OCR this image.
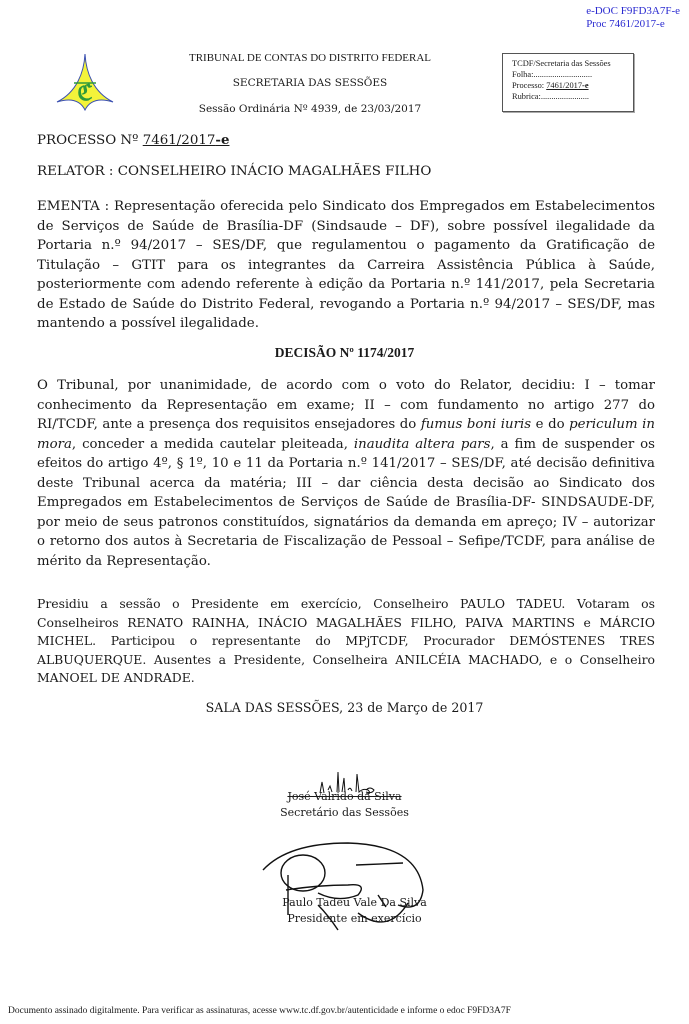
e-DOC F9FD3A7F-e
Proc 7461/2017-e
ℭ
TRIBUNAL DE CONTAS DO DISTRITO FEDERAL
SECRETARIA DAS SESSÕES
Sessão Ordinária Nº 4939, de 23/03/2017
TCDF/Secretaria das Sessões
Folha:............................
Processo: 7461/2017-e
Rubrica:.......................
PROCESSO Nº 7461/2017-e
RELATOR : CONSELHEIRO INÁCIO MAGALHÃES FILHO
EMENTA : Representação oferecida pelo Sindicato dos Empregados em Estabelecimentos de Serviços de Saúde de Brasília-DF (Sindsaude – DF), sobre possível ilegalidade da Portaria n.º 94/2017 – SES/DF, que regulamentou o pagamento da Gratificação de Titulação – GTIT para os integrantes da Carreira Assistência Pública à Saúde, posteriormente com adendo referente à edição da Portaria n.º 141/2017, pela Secretaria de Estado de Saúde do Distrito Federal, revogando a Portaria n.º 94/2017 – SES/DF, mas mantendo a possível ilegalidade.
DECISÃO Nº 1174/2017
O Tribunal, por unanimidade, de acordo com o voto do Relator, decidiu: I – tomar conhecimento da Representação em exame; II – com fundamento no artigo 277 do RI/TCDF, ante a presença dos requisitos ensejadores do fumus boni iuris e do periculum in mora, conceder a medida cautelar pleiteada, inaudita altera pars, a fim de suspender os efeitos do artigo 4º, § 1º, 10 e 11 da Portaria n.º 141/2017 – SES/DF, até decisão definitiva deste Tribunal acerca da matéria; III – dar ciência desta decisão ao Sindicato dos Empregados em Estabelecimentos de Serviços de Saúde de Brasília-DF- SINDSAUDE-DF, por meio de seus patronos constituídos, signatários da demanda em apreço; IV – autorizar o retorno dos autos à Secretaria de Fiscalização de Pessoal – Sefipe/TCDF, para análise de mérito da Representação.
Presidiu a sessão o Presidente em exercício, Conselheiro PAULO TADEU. Votaram os Conselheiros RENATO RAINHA, INÁCIO MAGALHÃES FILHO, PAIVA MARTINS e MÁRCIO MICHEL. Participou o representante do MPjTCDF, Procurador DEMÓSTENES TRES ALBUQUERQUE. Ausentes a Presidente, Conselheira ANILCÉIA MACHADO, e o Conselheiro MANOEL DE ANDRADE.
SALA DAS SESSÕES, 23 de Março de 2017
José Valrido da Silva
Secretário das Sessões
Paulo Tadeu Vale Da Silva
Presidente em exercício
Documento assinado digitalmente. Para verificar as assinaturas, acesse www.tc.df.gov.br/autenticidade e informe o edoc F9FD3A7F
